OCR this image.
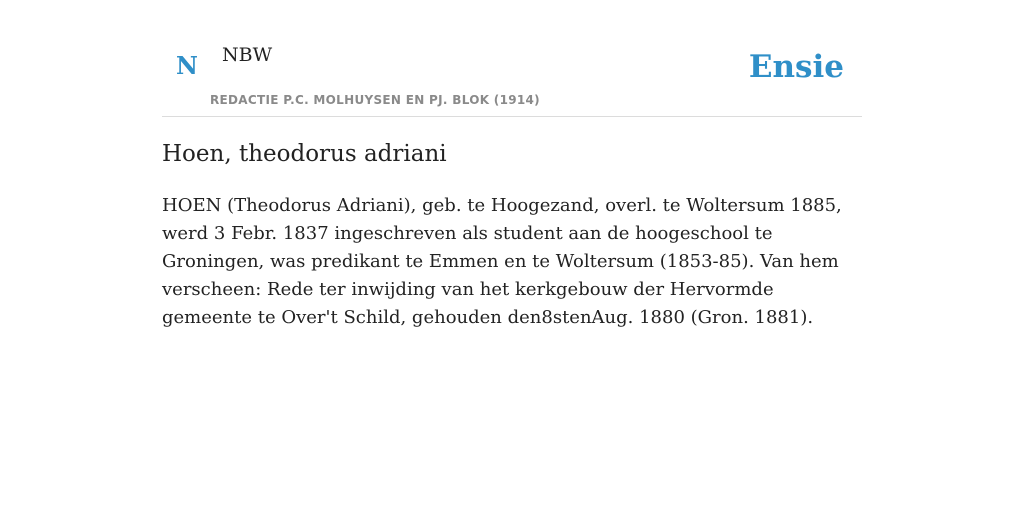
N NBW
REDACTIE P.C. MOLHUYSEN EN PJ. BLOK (1914)
Ensie
Hoen, theodorus adriani

HOEN (Theodorus Adriani), geb. te Hoogezand, overl. te Woltersum 1885, werd 3 Febr. 1837 ingeschreven als student aan de hoogeschool te Groningen, was predikant te Emmen en te Woltersum (1853-85). Van hem verscheen: Rede ter inwijding van het kerkgebouw der Hervormde gemeente te Over't Schild, gehouden den8stenAug. 1880 (Gron. 1881).
